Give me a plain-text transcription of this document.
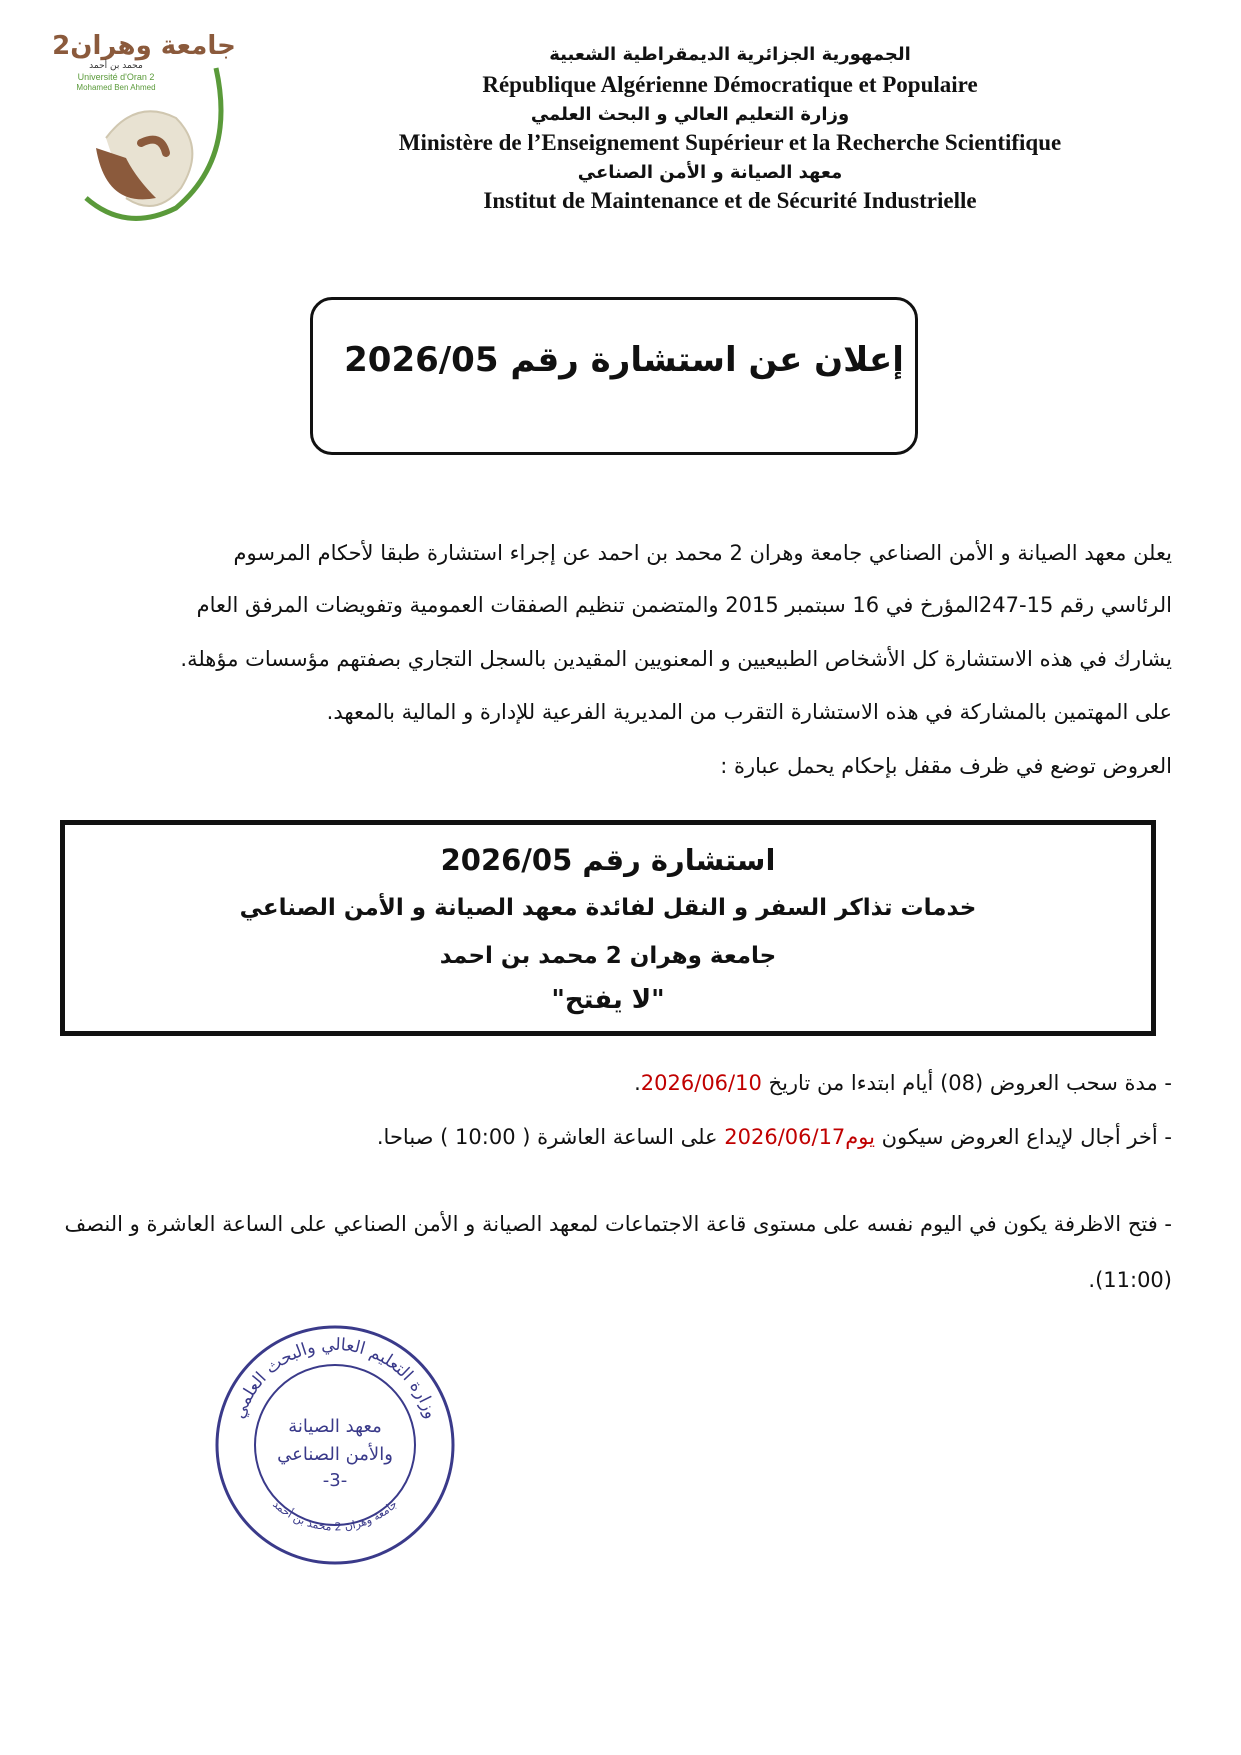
الجمهورية الجزائرية الديمقراطية الشعبية
République Algérienne Démocratique et Populaire
وزارة التعليم العالي و البحث العلمي
Ministère de l’Enseignement Supérieur et la Recherche Scientifique
معهد الصيانة و الأمن الصناعي
Institut de Maintenance et de Sécurité Industrielle
جامعة وهران2
محمد بن أحمد
Université d'Oran 2
Mohamed Ben Ahmed
إعلان عن استشارة رقم 2026/05
يعلن معهد الصيانة و الأمن الصناعي جامعة وهران 2 محمد بن احمد عن إجراء استشارة طبقا لأحكام المرسوم
الرئاسي رقم 15-247المؤرخ في 16 سبتمبر 2015 والمتضمن تنظيم الصفقات العمومية وتفويضات المرفق العام
يشارك في هذه الاستشارة كل الأشخاص الطبيعيين و المعنويين المقيدين بالسجل التجاري بصفتهم مؤسسات مؤهلة.
على المهتمين بالمشاركة في هذه الاستشارة التقرب من المديرية الفرعية للإدارة و المالية بالمعهد.
العروض توضع في ظرف مقفل بإحكام يحمل عبارة :
استشارة رقم 2026/05
خدمات تذاكر السفر و النقل لفائدة معهد الصيانة و الأمن الصناعي
جامعة وهران 2 محمد بن احمد
"لا يفتح"
- مدة سحب العروض (08) أيام ابتدءا من تاريخ 2026/06/10.
- أخر أجال لإيداع العروض سيكون يوم2026/06/17 على الساعة العاشرة ( 10:00 ) صباحا.
- فتح الاظرفة يكون في اليوم نفسه على مستوى قاعة الاجتماعات لمعهد الصيانة و الأمن الصناعي على الساعة العاشرة و النصف (11:00).
وزارة التعليم العالي والبحث العلمي
جامعة وهران 2 محمد بن أحمد
معهد الصيانة
والأمن الصناعي
-3-
